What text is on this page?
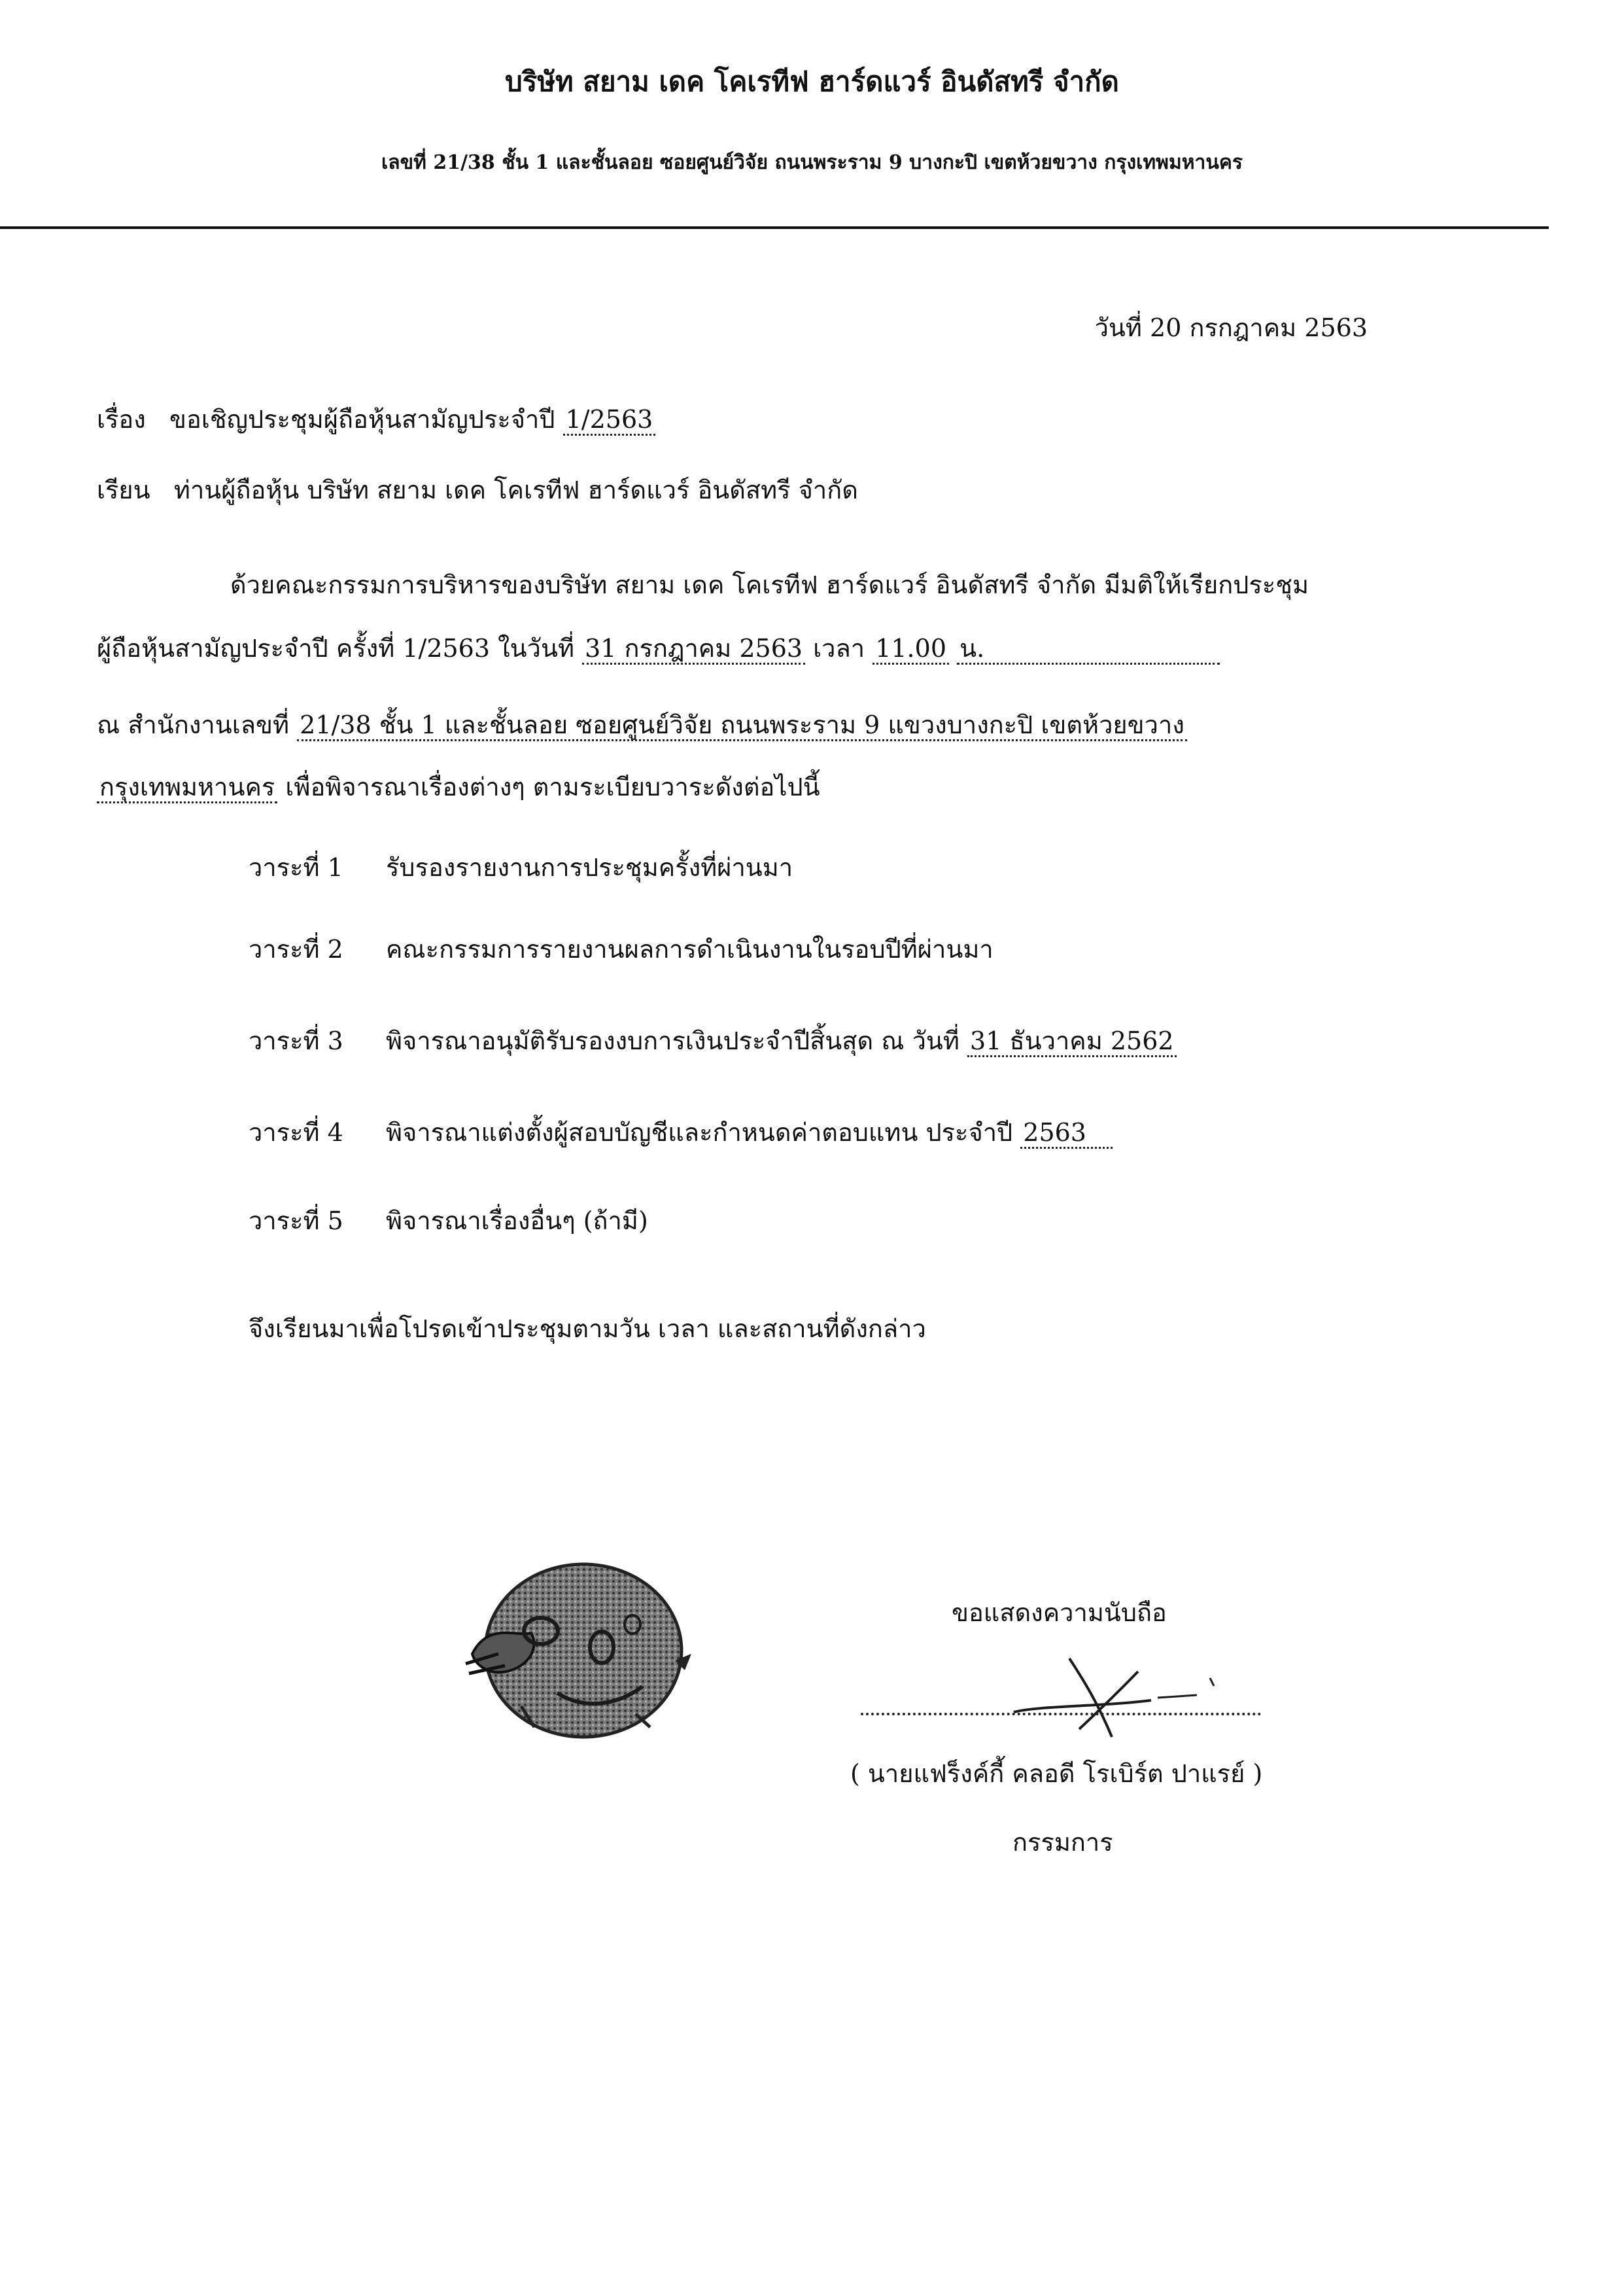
บริษัท สยาม เดค โคเรทีฟ ฮาร์ดแวร์ อินดัสทรี จำกัด
เลขที่ 21/38 ชั้น 1 และชั้นลอย ซอยศูนย์วิจัย ถนนพระราม 9 บางกะปิ เขตห้วยขวาง กรุงเทพมหานคร
วันที่ 20 กรกฎาคม 2563
เรื่อง ขอเชิญประชุมผู้ถือหุ้นสามัญประจำปี 1/2563
เรียน ท่านผู้ถือหุ้น บริษัท สยาม เดค โคเรทีฟ ฮาร์ดแวร์ อินดัสทรี จำกัด
ด้วยคณะกรรมการบริหารของบริษัท สยาม เดค โคเรทีฟ ฮาร์ดแวร์ อินดัสทรี จำกัด มีมติให้เรียกประชุม
ผู้ถือหุ้นสามัญประจำปี ครั้งที่ 1/2563 ในวันที่ 31 กรกฎาคม 2563 เวลา 11.00 น.
ณ สำนักงานเลขที่ 21/38 ชั้น 1 และชั้นลอย ซอยศูนย์วิจัย ถนนพระราม 9 แขวงบางกะปิ เขตห้วยขวาง
กรุงเทพมหานคร เพื่อพิจารณาเรื่องต่างๆ ตามระเบียบวาระดังต่อไปนี้
วาระที่ 1 รับรองรายงานการประชุมครั้งที่ผ่านมา
วาระที่ 2 คณะกรรมการรายงานผลการดำเนินงานในรอบปีที่ผ่านมา
วาระที่ 3 พิจารณาอนุมัติรับรองงบการเงินประจำปีสิ้นสุด ณ วันที่ 31 ธันวาคม 2562
วาระที่ 4 พิจารณาแต่งตั้งผู้สอบบัญชีและกำหนดค่าตอบแทน ประจำปี 2563
วาระที่ 5 พิจารณาเรื่องอื่นๆ (ถ้ามี)
จึงเรียนมาเพื่อโปรดเข้าประชุมตามวัน เวลา และสถานที่ดังกล่าว
ขอแสดงความนับถือ
( นายแฟร็งค์กี้ คลอดี โรเบิร์ต ปาแรย์ )
กรรมการ
